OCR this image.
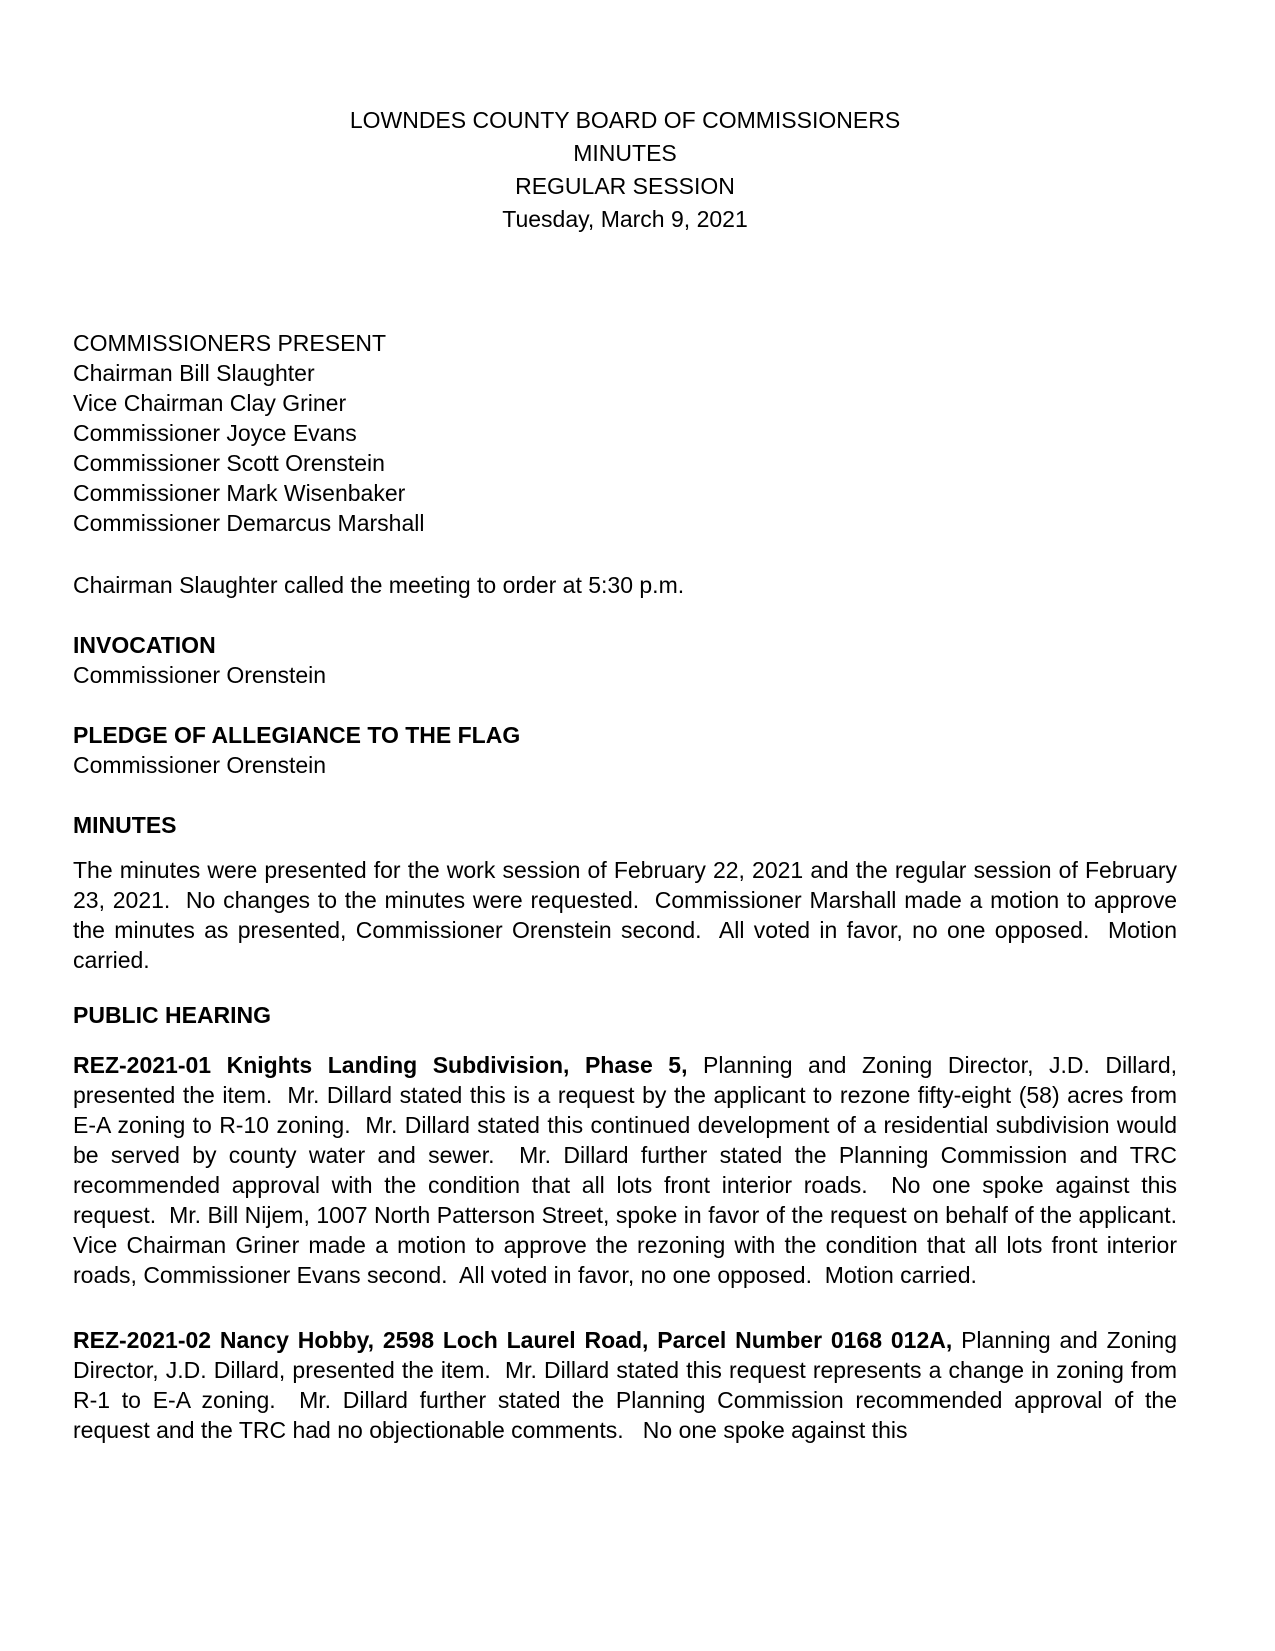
LOWNDES COUNTY BOARD OF COMMISSIONERS
MINUTES
REGULAR SESSION
Tuesday, March 9, 2021
COMMISSIONERS PRESENT
Chairman Bill Slaughter
Vice Chairman Clay Griner
Commissioner Joyce Evans
Commissioner Scott Orenstein
Commissioner Mark Wisenbaker
Commissioner Demarcus Marshall

Chairman Slaughter called the meeting to order at 5:30 p.m.

INVOCATION
Commissioner Orenstein
PLEDGE OF ALLEGIANCE TO THE FLAG
Commissioner Orenstein
MINUTES

The minutes were presented for the work session of February 22, 2021 and the regular session of February 23, 2021.  No changes to the minutes were requested.  Commissioner Marshall made a motion to approve the minutes as presented, Commissioner Orenstein second.  All voted in favor, no one opposed.  Motion carried.

PUBLIC HEARING

REZ-2021-01 Knights Landing Subdivision, Phase 5, Planning and Zoning Director, J.D. Dillard, presented the item.  Mr. Dillard stated this is a request by the applicant to rezone fifty-eight (58) acres from E-A zoning to R-10 zoning.  Mr. Dillard stated this continued development of a residential subdivision would be served by county water and sewer.  Mr. Dillard further stated the Planning Commission and TRC recommended approval with the condition that all lots front interior roads.  No one spoke against this request.  Mr. Bill Nijem, 1007 North Patterson Street, spoke in favor of the request on behalf of the applicant.  Vice Chairman Griner made a motion to approve the rezoning with the condition that all lots front interior roads, Commissioner Evans second.  All voted in favor, no one opposed.  Motion carried.

REZ-2021-02 Nancy Hobby, 2598 Loch Laurel Road, Parcel Number 0168 012A, Planning and Zoning Director, J.D. Dillard, presented the item.  Mr. Dillard stated this request represents a change in zoning from R-1 to E-A zoning.  Mr. Dillard further stated the Planning Commission recommended approval of the request and the TRC had no objectionable comments.   No one spoke against this
